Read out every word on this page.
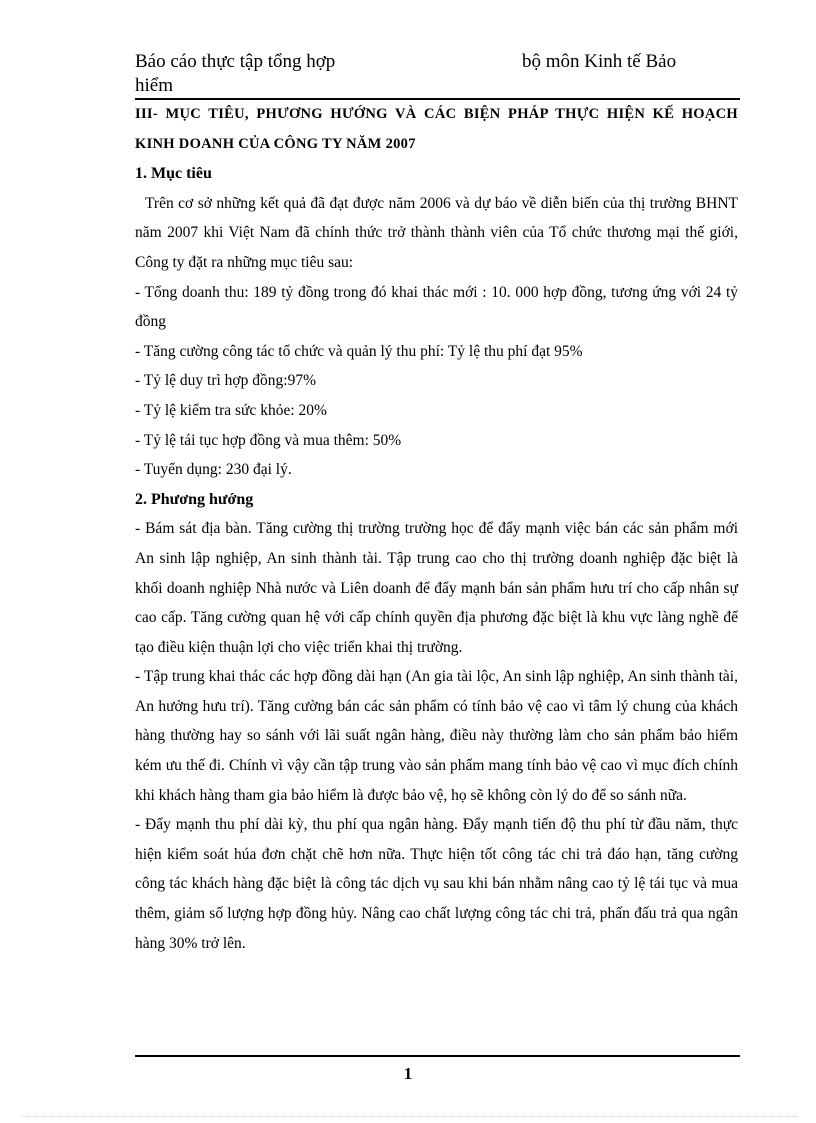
Báo cáo thực tập tổng hợp	bộ môn Kinh tế Bảo
hiểm

III- MỤC TIÊU, PHƯƠNG HƯỚNG VÀ CÁC BIỆN PHÁP THỰC HIỆN KẾ HOẠCH KINH DOANH CỦA CÔNG TY NĂM 2007

1. Mục tiêu

Trên cơ sở những kết quả đã đạt được năm 2006 và dự báo về diễn biến của thị trường BHNT năm 2007 khi Việt Nam đã chính thức trở thành thành viên của Tổ chức thương mại thế giới, Công ty đặt ra những mục tiêu sau:

- Tổng doanh thu: 189 tỷ đồng trong đó khai thác mới : 10. 000 hợp đồng, tương ứng với 24 tỷ đồng

- Tăng cường công tác tổ chức và quản lý thu phí: Tỷ lệ thu phí đạt 95%

- Tỷ lệ duy trì hợp đồng:97%

- Tỷ lệ kiểm tra sức khỏe: 20%

- Tỷ lệ tái tục hợp đồng và mua thêm: 50%

- Tuyển dụng: 230 đại lý.

2. Phương hướng

- Bám sát địa bàn. Tăng cường thị trường trường học để đẩy mạnh việc bán các sản phẩm mới An sinh lập nghiệp, An sinh thành tài. Tập trung cao cho thị trường doanh nghiệp đặc biệt là khối doanh nghiệp Nhà nước và Liên doanh để đẩy mạnh bán sản phẩm hưu trí cho cấp nhân sự cao cấp. Tăng cường quan hệ với cấp chính quyền địa phương đặc biệt là khu vực làng nghề để tạo điều kiện thuận lợi cho việc triển khai thị trường.

- Tập trung khai thác các hợp đồng dài hạn (An gia tài lộc, An sinh lập nghiệp, An sinh thành tài, An hưởng hưu trí). Tăng cường bán các sản phẩm có tính bảo vệ cao vì tâm lý chung của khách hàng thường hay so sánh với lãi suất ngân hàng, điều này thường làm cho sản phẩm bảo hiểm kém ưu thế đi. Chính vì vậy cần tập trung vào sản phẩm mang tính bảo vệ cao vì mục đích chính khi khách hàng tham gia bảo hiểm là được bảo vệ, họ sẽ không còn lý do để so sánh nữa.

- Đẩy mạnh thu phí dài kỳ, thu phí qua ngân hàng. Đẩy mạnh tiến độ thu phí từ đầu năm, thực hiện kiểm soát húa đơn chặt chẽ hơn nữa. Thực hiện tốt công tác chi trả đáo hạn, tăng cường công tác khách hàng đặc biệt là công tác dịch vụ sau khi bán nhằm nâng cao tỷ lệ tái tục và mua thêm, giảm số lượng hợp đồng hủy. Nâng cao chất lượng công tác chi trả, phấn đấu trả qua ngân hàng 30% trở lên.

1
